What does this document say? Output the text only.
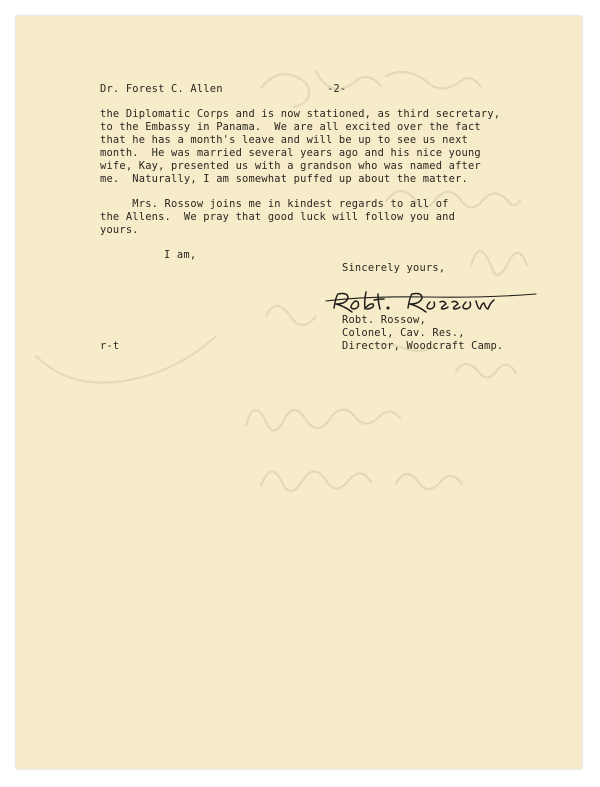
Dr. Forest C. Allen	-2-
the Diplomatic Corps and is now stationed, as third secretary,
to the Embassy in Panama.  We are all excited over the fact
that he has a month's leave and will be up to see us next
month.  He was married several years ago and his nice young
wife, Kay, presented us with a grandson who was named after
me.  Naturally, I am somewhat puffed up about the matter.
Mrs. Rossow joins me in kindest regards to all of
the Allens.  We pray that good luck will follow you and
yours.
I am,
Sincerely yours,
Robt. Rossow,
Colonel, Cav. Res.,
r-t	Director, Woodcraft Camp.
